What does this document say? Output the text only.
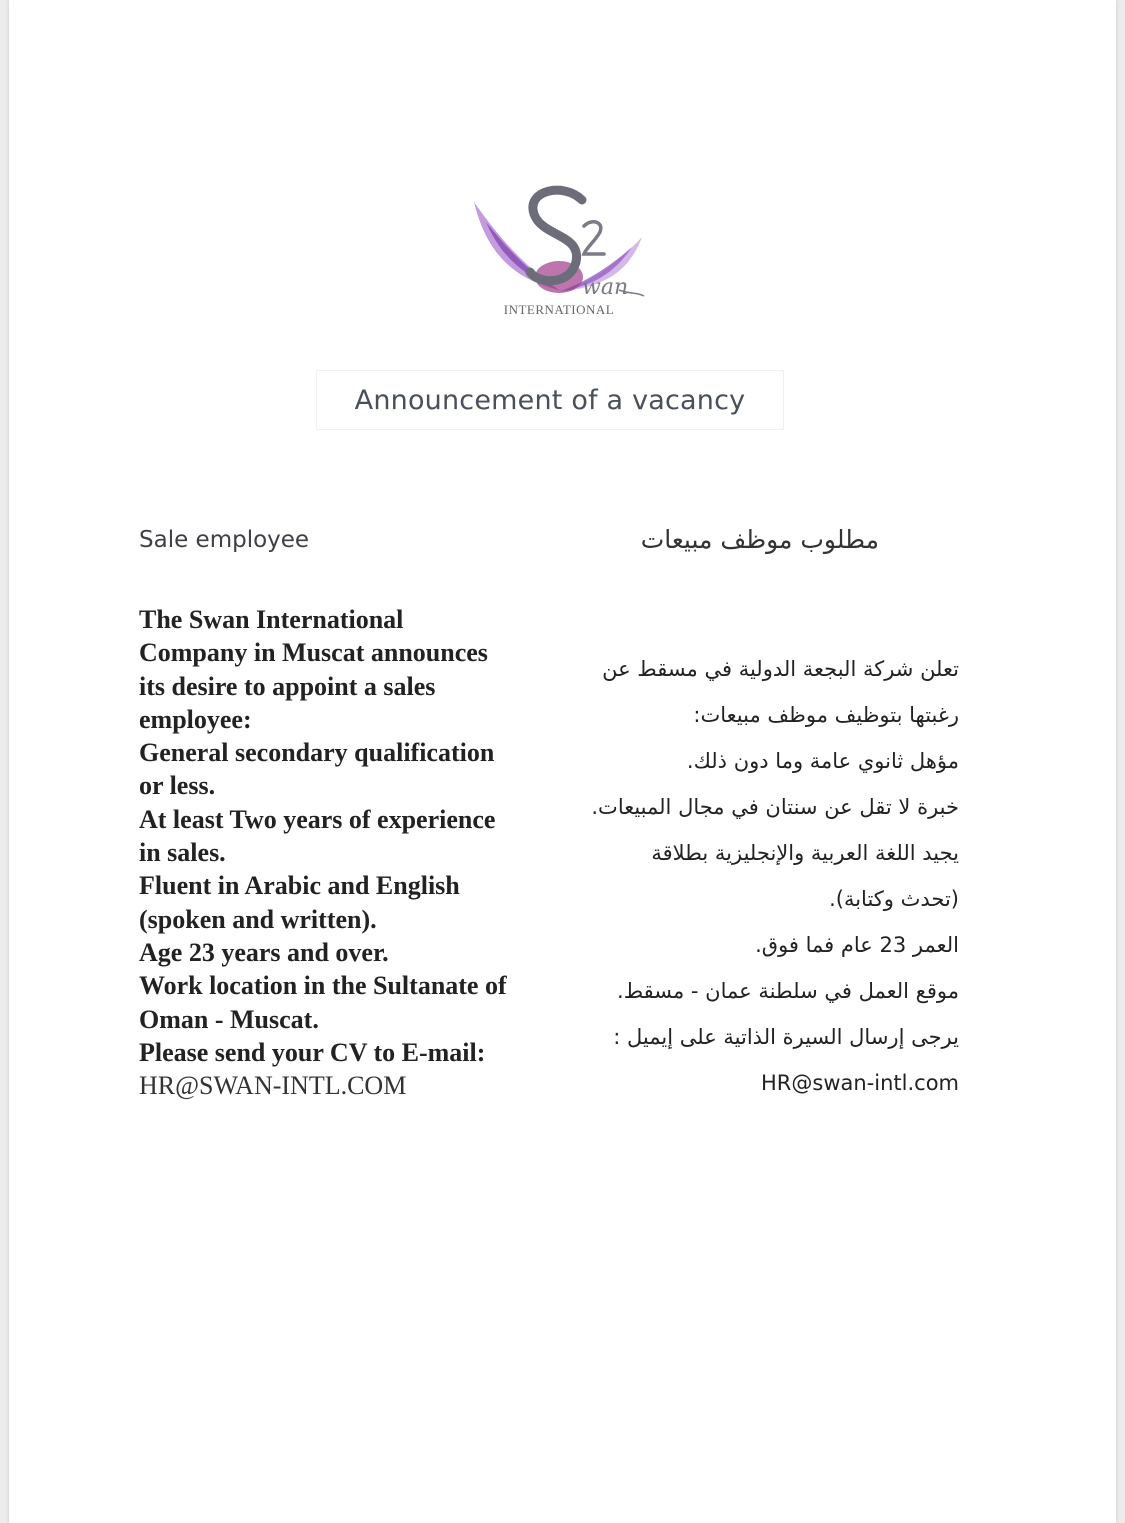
wan
INTERNATIONAL
Announcement of a vacancy
Sale employee	مطلوب موظف مبيعات
The Swan International
Company in Muscat announces
its desire to appoint a sales
employee:
General secondary qualification
or less.
At least Two years of experience
in sales.
Fluent in Arabic and English
(spoken and written).
Age 23 years and over.
Work location in the Sultanate of
Oman - Muscat.
Please send your CV to E-mail:
HR@SWAN-INTL.COM
تعلن شركة البجعة الدولية في مسقط عن
رغبتها بتوظيف موظف مبيعات:
مؤهل ثانوي عامة وما دون ذلك.
خبرة لا تقل عن سنتان في مجال المبيعات.
يجيد اللغة العربية والإنجليزية بطلاقة
(تحدث وكتابة).
العمر 23 عام فما فوق.
موقع العمل في سلطنة عمان - مسقط.
يرجى إرسال السيرة الذاتية على إيميل :
HR@swan-intl.com
